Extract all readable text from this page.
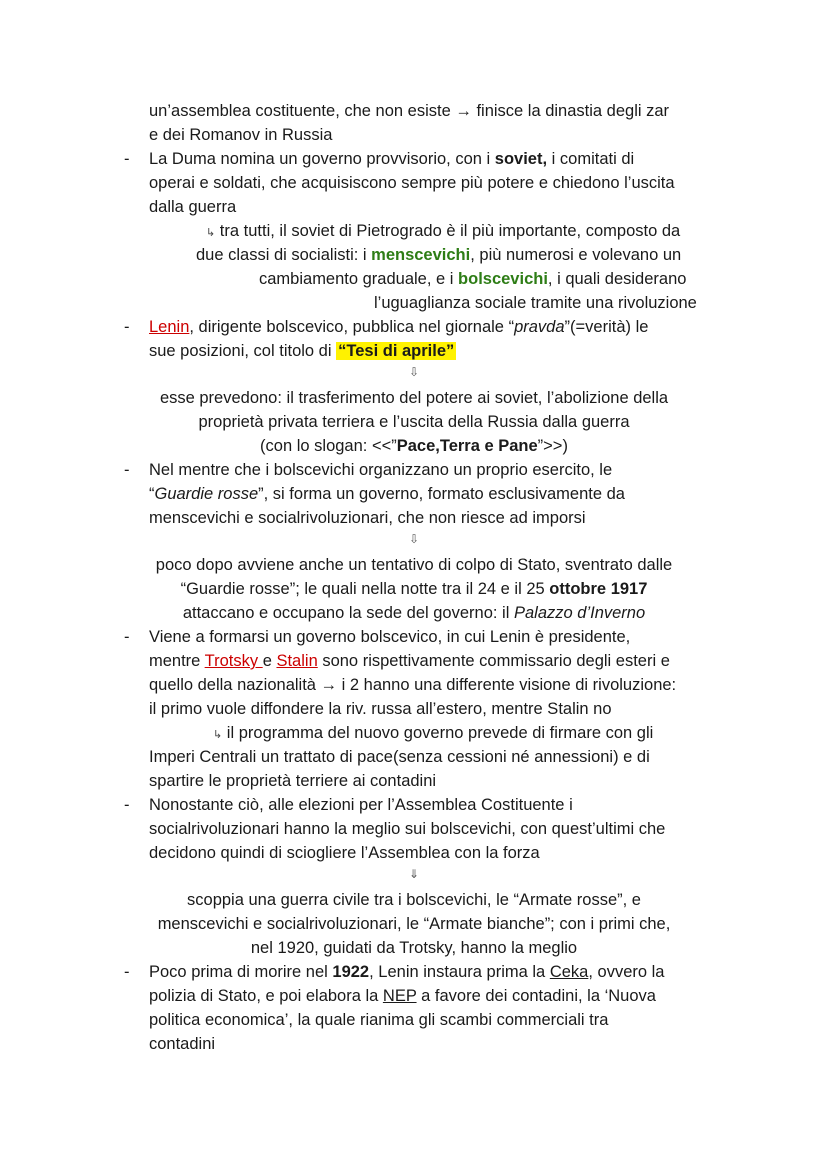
un’assemblea costituente, che non esiste → finisce la dinastia degli zar
e dei Romanov in Russia
- La Duma nomina un governo provvisorio, con i soviet, i comitati di
operai e soldati, che acquisiscono sempre più potere e chiedono l’uscita
dalla guerra
↳ tra tutti, il soviet di Pietrogrado è il più importante, composto da
due classi di socialisti: i menscevichi, più numerosi e volevano un
cambiamento graduale, e i bolscevichi, i quali desiderano
l’uguaglianza sociale tramite una rivoluzione
- Lenin, dirigente bolscevico, pubblica nel giornale “pravda”(=verità) le
sue posizioni, col titolo di “Tesi di aprile”
⇩
esse prevedono: il trasferimento del potere ai soviet, l’abolizione della
proprietà privata terriera e l’uscita della Russia dalla guerra
(con lo slogan: <<”Pace,Terra e Pane”>>)
- Nel mentre che i bolscevichi organizzano un proprio esercito, le
“Guardie rosse”, si forma un governo, formato esclusivamente da
menscevichi e socialrivoluzionari, che non riesce ad imporsi
⇩
poco dopo avviene anche un tentativo di colpo di Stato, sventrato dalle
“Guardie rosse”; le quali nella notte tra il 24 e il 25 ottobre 1917
attaccano e occupano la sede del governo: il Palazzo d’Inverno
- Viene a formarsi un governo bolscevico, in cui Lenin è presidente,
mentre Trotsky e Stalin sono rispettivamente commissario degli esteri e
quello della nazionalità → i 2 hanno una differente visione di rivoluzione:
il primo vuole diffondere la riv. russa all’estero, mentre Stalin no
↳ il programma del nuovo governo prevede di firmare con gli
Imperi Centrali un trattato di pace(senza cessioni né annessioni) e di
spartire le proprietà terriere ai contadini
- Nonostante ciò, alle elezioni per l’Assemblea Costituente i
socialrivoluzionari hanno la meglio sui bolscevichi, con quest’ultimi che
decidono quindi di sciogliere l’Assemblea con la forza
⇓
scoppia una guerra civile tra i bolscevichi, le “Armate rosse”, e
menscevichi e socialrivoluzionari, le “Armate bianche”; con i primi che,
nel 1920, guidati da Trotsky, hanno la meglio
- Poco prima di morire nel 1922, Lenin instaura prima la Ceka, ovvero la
polizia di Stato, e poi elabora la NEP a favore dei contadini, la ‘Nuova
politica economica’, la quale rianima gli scambi commerciali tra
contadini
